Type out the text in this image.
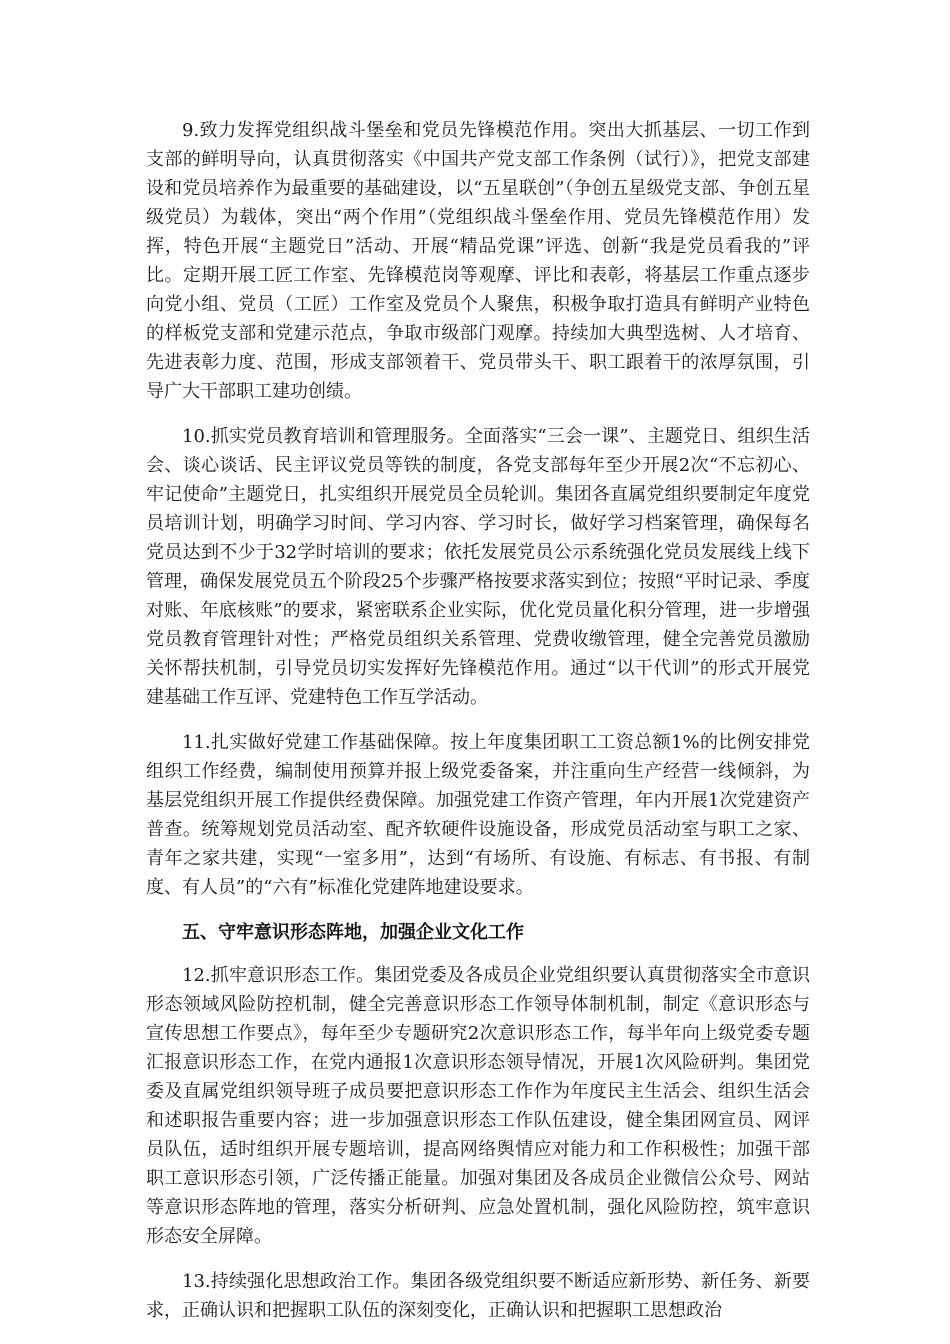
9.致力发挥党组织战斗堡垒和党员先锋模范作用。突出大抓基层、一切工作到支部的鲜明导向，认真贯彻落实《中国共产党支部工作条例（试行）》，把党支部建设和党员培养作为最重要的基础建设，以“五星联创”（争创五星级党支部、争创五星级党员）为载体，突出“两个作用”（党组织战斗堡垒作用、党员先锋模范作用）发挥，特色开展“主题党日”活动、开展“精品党课”评选、创新“我是党员看我的”评比。定期开展工匠工作室、先锋模范岗等观摩、评比和表彰，将基层工作重点逐步向党小组、党员（工匠）工作室及党员个人聚焦，积极争取打造具有鲜明产业特色的样板党支部和党建示范点，争取市级部门观摩。持续加大典型选树、人才培育、先进表彰力度、范围，形成支部领着干、党员带头干、职工跟着干的浓厚氛围，引导广大干部职工建功创绩。

10.抓实党员教育培训和管理服务。全面落实“三会一课”、主题党日、组织生活会、谈心谈话、民主评议党员等铁的制度，各党支部每年至少开展2次“不忘初心、牢记使命”主题党日，扎实组织开展党员全员轮训。集团各直属党组织要制定年度党员培训计划，明确学习时间、学习内容、学习时长，做好学习档案管理，确保每名党员达到不少于32学时培训的要求；依托发展党员公示系统强化党员发展线上线下管理，确保发展党员五个阶段25个步骤严格按要求落实到位；按照“平时记录、季度对账、年底核账”的要求，紧密联系企业实际，优化党员量化积分管理，进一步增强党员教育管理针对性；严格党员组织关系管理、党费收缴管理，健全完善党员激励关怀帮扶机制，引导党员切实发挥好先锋模范作用。通过“以干代训”的形式开展党建基础工作互评、党建特色工作互学活动。

11.扎实做好党建工作基础保障。按上年度集团职工工资总额1%的比例安排党组织工作经费，编制使用预算并报上级党委备案，并注重向生产经营一线倾斜，为基层党组织开展工作提供经费保障。加强党建工作资产管理，年内开展1次党建资产普查。统筹规划党员活动室、配齐软硬件设施设备，形成党员活动室与职工之家、青年之家共建，实现“一室多用”，达到“有场所、有设施、有标志、有书报、有制度、有人员”的“六有”标准化党建阵地建设要求。

五、守牢意识形态阵地，加强企业文化工作

12.抓牢意识形态工作。集团党委及各成员企业党组织要认真贯彻落实全市意识形态领域风险防控机制，健全完善意识形态工作领导体制机制，制定《意识形态与宣传思想工作要点》，每年至少专题研究2次意识形态工作，每半年向上级党委专题汇报意识形态工作，在党内通报1次意识形态领导情况，开展1次风险研判。集团党委及直属党组织领导班子成员要把意识形态工作作为年度民主生活会、组织生活会和述职报告重要内容；进一步加强意识形态工作队伍建设，健全集团网宣员、网评员队伍，适时组织开展专题培训，提高网络舆情应对能力和工作积极性；加强干部职工意识形态引领，广泛传播正能量。加强对集团及各成员企业微信公众号、网站等意识形态阵地的管理，落实分析研判、应急处置机制，强化风险防控，筑牢意识形态安全屏障。

13.持续强化思想政治工作。集团各级党组织要不断适应新形势、新任务、新要求，正确认识和把握职工队伍的深刻变化，正确认识和把握职工思想政治
